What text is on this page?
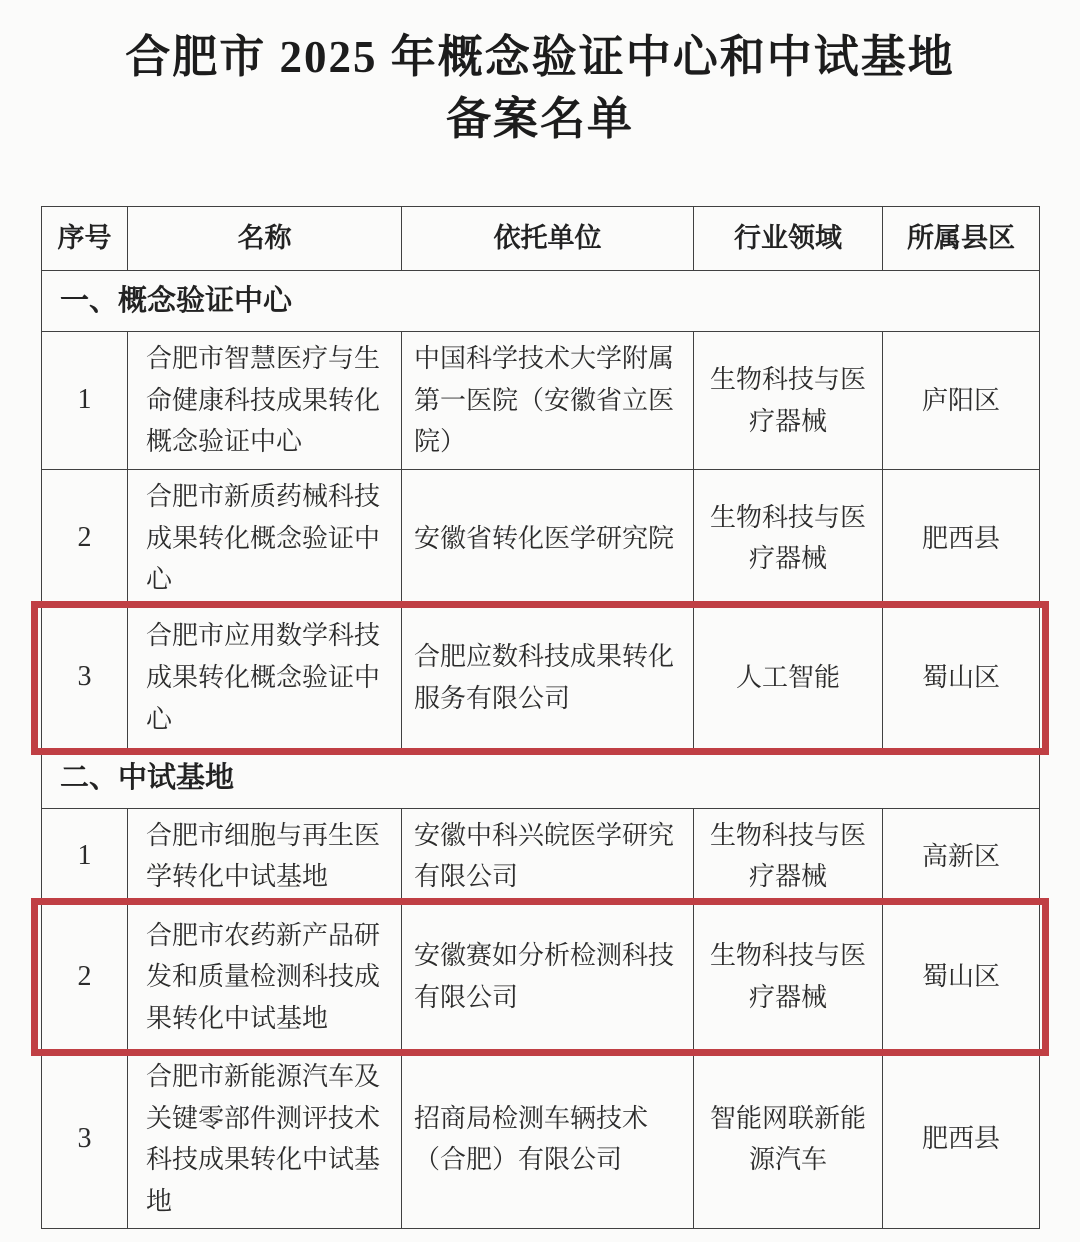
合肥市 2025 年概念验证中心和中试基地
备案名单
序号	名称	依托单位	行业领域	所属县区
一、概念验证中心				
1	合肥市智慧医疗与生命健康科技成果转化概念验证中心	中国科学技术大学附属第一医院（安徽省立医院）	生物科技与医疗器械	庐阳区
2	合肥市新质药械科技成果转化概念验证中心	安徽省转化医学研究院	生物科技与医疗器械	肥西县
3	合肥市应用数学科技成果转化概念验证中心	合肥应数科技成果转化服务有限公司	人工智能	蜀山区
二、中试基地				
1	合肥市细胞与再生医学转化中试基地	安徽中科兴皖医学研究有限公司	生物科技与医疗器械	高新区
2	合肥市农药新产品研发和质量检测科技成果转化中试基地	安徽赛如分析检测科技有限公司	生物科技与医疗器械	蜀山区
3	合肥市新能源汽车及关键零部件测评技术科技成果转化中试基地	招商局检测车辆技术（合肥）有限公司	智能网联新能源汽车	肥西县
